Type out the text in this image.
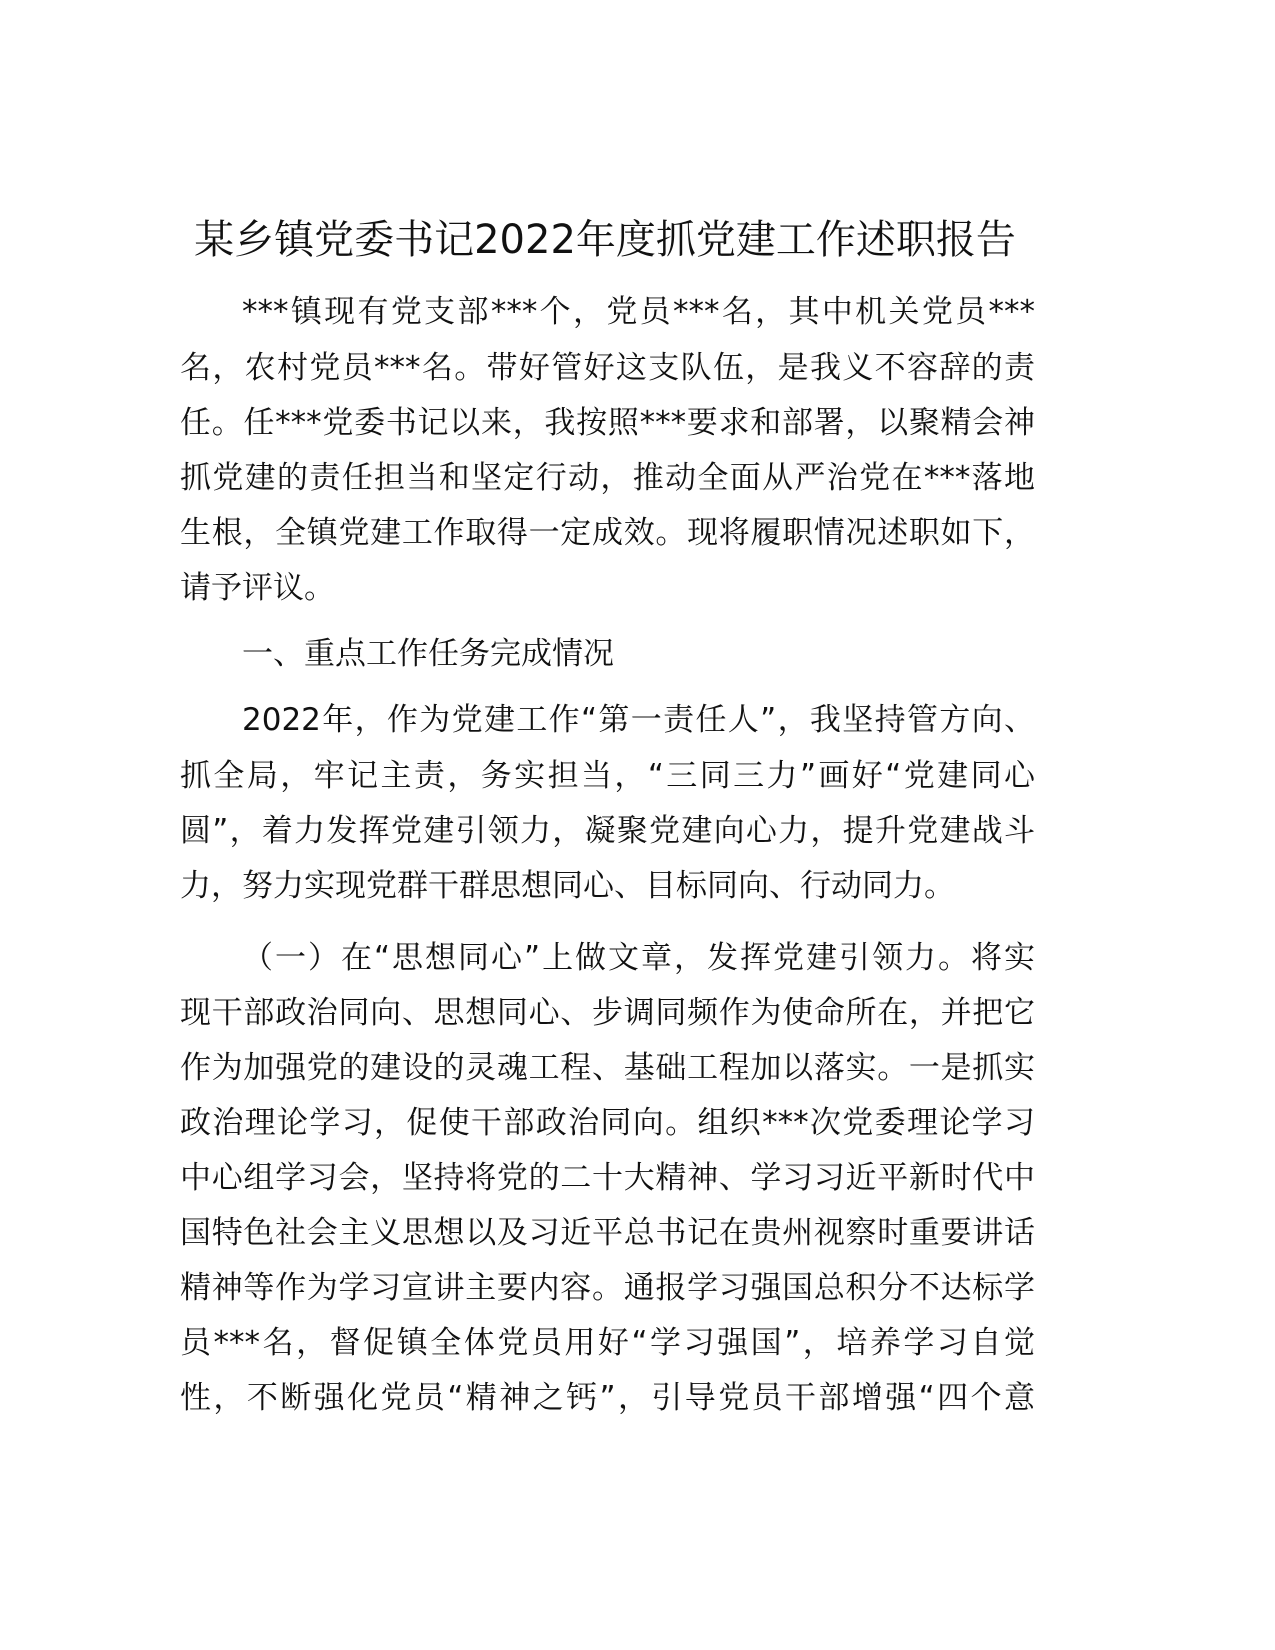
某乡镇党委书记2022年度抓党建工作述职报告
***镇现有党支部***个，党员***名，其中机关党员***
名，农村党员***名。带好管好这支队伍，是我义不容辞的责
任。任***党委书记以来，我按照***要求和部署，以聚精会神
抓党建的责任担当和坚定行动，推动全面从严治党在***落地
生根，全镇党建工作取得一定成效。现将履职情况述职如下，
请予评议。
一、重点工作任务完成情况
2022年，作为党建工作“第一责任人”，我坚持管方向、
抓全局，牢记主责，务实担当，“三同三力”画好“党建同心
圆”，着力发挥党建引领力，凝聚党建向心力，提升党建战斗
力，努力实现党群干群思想同心、目标同向、行动同力。
（一）在“思想同心”上做文章，发挥党建引领力。将实
现干部政治同向、思想同心、步调同频作为使命所在，并把它
作为加强党的建设的灵魂工程、基础工程加以落实。一是抓实
政治理论学习，促使干部政治同向。组织***次党委理论学习
中心组学习会，坚持将党的二十大精神、学习习近平新时代中
国特色社会主义思想以及习近平总书记在贵州视察时重要讲话
精神等作为学习宣讲主要内容。通报学习强国总积分不达标学
员***名，督促镇全体党员用好“学习强国”，培养学习自觉
性，不断强化党员“精神之钙”，引导党员干部增强“四个意
